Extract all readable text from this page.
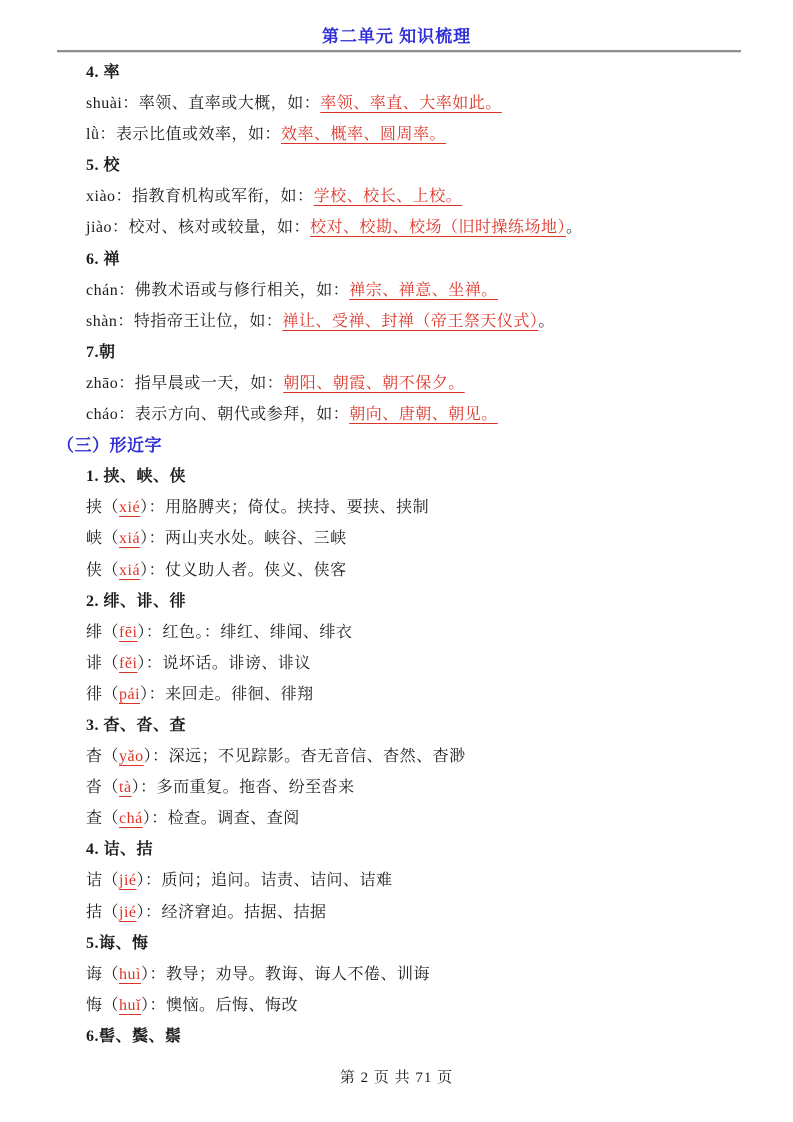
第二单元 知识梳理

4. 率

shuài：率领、直率或大概，如：率领、率直、大率如此。

lǜ：表示比值或效率，如：效率、概率、圆周率。

5. 校

xiào：指教育机构或军衔，如：学校、校长、上校。

jiào：校对、核对或较量，如：校对、校勘、校场（旧时操练场地）。

6. 禅

chán：佛教术语或与修行相关，如：禅宗、禅意、坐禅。

shàn：特指帝王让位，如：禅让、受禅、封禅（帝王祭天仪式）。

7.朝

zhāo：指早晨或一天，如：朝阳、朝霞、朝不保夕。

cháo：表示方向、朝代或参拜，如：朝向、唐朝、朝见。

（三）形近字

1. 挟、峡、侠

挟（xié）：用胳膊夹；倚仗。挟持、要挟、挟制

峡（xiá）：两山夹水处。峡谷、三峡

侠（xiá）：仗义助人者。侠义、侠客

2. 绯、诽、徘

绯（fēi）：红色。：绯红、绯闻、绯衣

诽（fěi）：说坏话。诽谤、诽议

徘（pái）：来回走。徘徊、徘翔

3. 杳、沓、查

杳（yǎo）：深远；不见踪影。杳无音信、杳然、杳渺

沓（tà）：多而重复。拖沓、纷至沓来

查（chá）：检查。调查、查阅

4. 诘、拮

诘（jié）：质问；追问。诘责、诘问、诘难

拮（jié）：经济窘迫。拮据、拮据

5.诲、悔

诲（huì）：教导；劝导。教诲、诲人不倦、训诲

悔（huǐ）：懊恼。后悔、悔改

6.髻、鬓、鬃

第 2 页 共 71 页
